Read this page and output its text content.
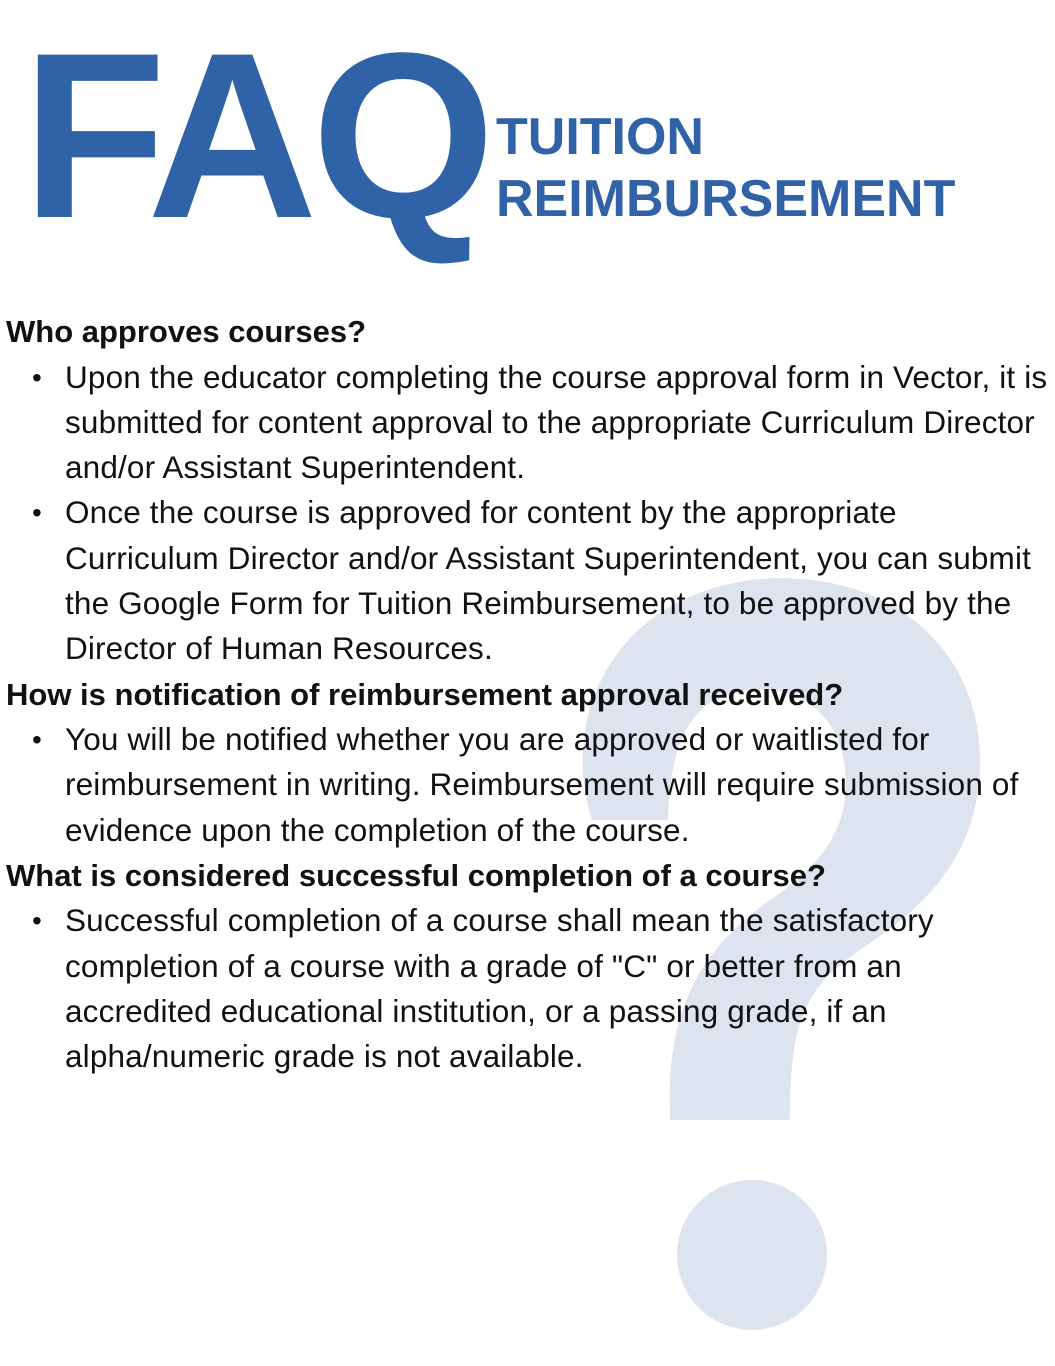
FAQ TUITION
REIMBURSEMENT

Who approves courses?

• Upon the educator completing the course approval form in Vector, it is submitted for content approval to the appropriate Curriculum Director and/or Assistant Superintendent.
• Once the course is approved for content by the appropriate Curriculum Director and/or Assistant Superintendent, you can submit the Google Form for Tuition Reimbursement, to be approved by the Director of Human Resources.

How is notification of reimbursement approval received?

• You will be notified whether you are approved or waitlisted for reimbursement in writing. Reimbursement will require submission of evidence upon the completion of the course.

What is considered successful completion of a course?

• Successful completion of a course shall mean the satisfactory completion of a course with a grade of "C" or better from an accredited educational institution, or a passing grade, if an alpha/numeric grade is not available.
